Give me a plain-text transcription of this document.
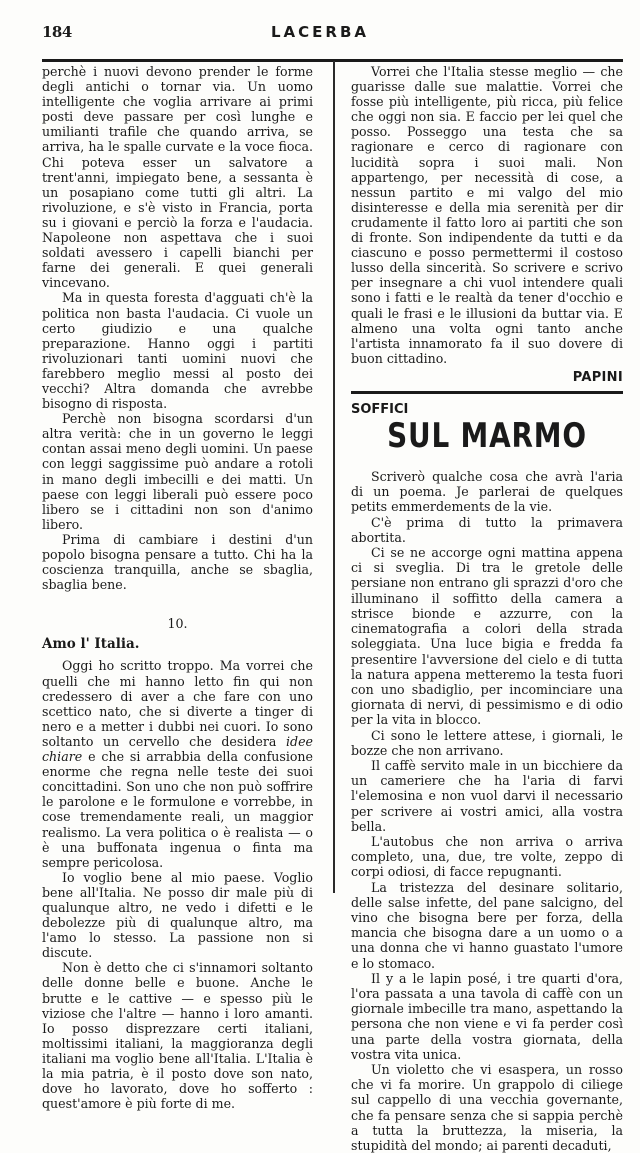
184	LACERBA

perchè i nuovi devono prender le forme degli antichi o tornar via. Un uomo intelligente che voglia arrivare ai primi posti deve passare per così lunghe e umilianti trafile che quando arriva, se arriva, ha le spalle curvate e la voce fioca. Chi poteva esser un salvatore a trent'anni, impiegato bene, a sessanta è un posapiano come tutti gli altri. La rivoluzione, e s'è visto in Francia, porta su i giovani e perciò la forza e l'audacia. Napoleone non aspettava che i suoi soldati avessero i capelli bianchi per farne dei generali. E quei generali vincevano.

Ma in questa foresta d'agguati ch'è la politica non basta l'audacia. Ci vuole un certo giudizio e una qualche preparazione. Hanno oggi i partiti rivoluzionari tanti uomini nuovi che farebbero meglio messi al posto dei vecchi? Altra domanda che avrebbe bisogno di risposta.

Perchè non bisogna scordarsi d'un altra verità: che in un governo le leggi contan assai meno degli uomini. Un paese con leggi saggissime può andare a rotoli in mano degli imbecilli e dei matti. Un paese con leggi liberali può essere poco libero se i cittadini non son d'animo libero.

Prima di cambiare i destini d'un popolo bisogna pensare a tutto. Chi ha la coscienza tranquilla, anche se sbaglia, sbaglia bene.

10.
Amo l' Italia.

Oggi ho scritto troppo. Ma vorrei che quelli che mi hanno letto fin qui non credessero di aver a che fare con uno scettico nato, che si diverte a tinger di nero e a metter i dubbi nei cuori. Io sono soltanto un cervello che desidera idee chiare e che si arrabbia della confusione enorme che regna nelle teste dei suoi concittadini. Son uno che non può soffrire le parolone e le formulone e vorrebbe, in cose tremendamente reali, un maggior realismo. La vera politica o è realista — o è una buffonata ingenua o finta ma sempre pericolosa.

Io voglio bene al mio paese. Voglio bene all'Italia. Ne posso dir male più di qualunque altro, ne vedo i difetti e le debolezze più di qualunque altro, ma l'amo lo stesso. La passione non si discute.

Non è detto che ci s'innamori soltanto delle donne belle e buone. Anche le brutte e le cattive — e spesso più le viziose che l'altre — hanno i loro amanti. Io posso disprezzare certi italiani, moltissimi italiani, la maggioranza degli italiani ma voglio bene all'Italia. L'Italia è la mia patria, è il posto dove son nato, dove ho lavorato, dove ho sofferto : quest'amore è più forte di me.

Vorrei che l'Italia stesse meglio — che guarisse dalle sue malattie. Vorrei che fosse più intelligente, più ricca, più felice che oggi non sia. E faccio per lei quel che posso. Posseggo una testa che sa ragionare e cerco di ragionare con lucidità sopra i suoi mali. Non appartengo, per necessità di cose, a nessun partito e mi valgo del mio disinteresse e della mia serenità per dir crudamente il fatto loro ai partiti che son di fronte. Son indipendente da tutti e da ciascuno e posso permettermi il costoso lusso della sincerità. So scrivere e scrivo per insegnare a chi vuol intendere quali sono i fatti e le realtà da tener d'occhio e quali le frasi e le illusioni da buttar via. E almeno una volta ogni tanto anche l'artista innamorato fa il suo dovere di buon cittadino.

PAPINI
SOFFICI
SUL MARMO

Scriverò qualche cosa che avrà l'aria di un poema. Je parlerai de quelques petits emmerdements de la vie.

C'è prima di tutto la primavera abortita.

Ci se ne accorge ogni mattina appena ci si sveglia. Di tra le gretole delle persiane non entrano gli sprazzi d'oro che illuminano il soffitto della camera a strisce bionde e azzurre, con la cinematografia a colori della strada soleggiata. Una luce bigia e fredda fa presentire l'avversione del cielo e di tutta la natura appena metteremo la testa fuori con uno sbadiglio, per incominciare una giornata di nervi, di pessimismo e di odio per la vita in blocco.

Ci sono le lettere attese, i giornali, le bozze che non arrivano.

Il caffè servito male in un bicchiere da un cameriere che ha l'aria di farvi l'elemosina e non vuol darvi il necessario per scrivere ai vostri amici, alla vostra bella.

L'autobus che non arriva o arriva completo, una, due, tre volte, zeppo di corpi odiosi, di facce repugnanti.

La tristezza del desinare solitario, delle salse infette, del pane salcigno, del vino che bisogna bere per forza, della mancia che bisogna dare a un uomo o a una donna che vi hanno guastato l'umore e lo stomaco.

Il y a le lapin posé, i tre quarti d'ora, l'ora passata a una tavola di caffè con un giornale imbecille tra mano, aspettando la persona che non viene e vi fa perder così una parte della vostra giornata, della vostra vita unica.

Un violetto che vi esaspera, un rosso che vi fa morire. Un grappolo di ciliege sul cappello di una vecchia governante, che fa pensare senza che si sappia perchè a tutta la bruttezza, la miseria, la stupidità del mondo; ai parenti decaduti,
